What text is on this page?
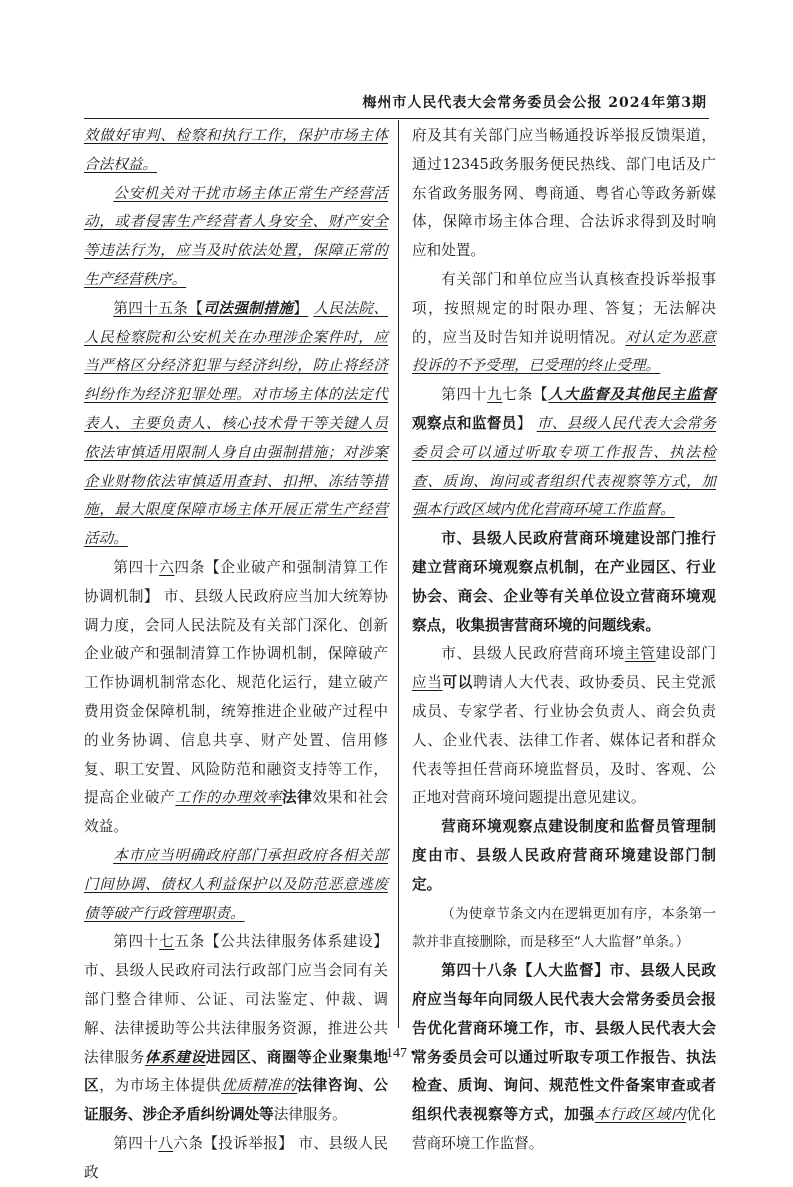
梅州市人民代表大会常务委员会公报 2024年第3期

效做好审判、检察和执行工作，保护市场主体合法权益。

公安机关对干扰市场主体正常生产经营活动，或者侵害生产经营者人身安全、财产安全等违法行为，应当及时依法处置，保障正常的生产经营秩序。

第四十五条【司法强制措施】 人民法院、人民检察院和公安机关在办理涉企案件时，应当严格区分经济犯罪与经济纠纷，防止将经济纠纷作为经济犯罪处理。对市场主体的法定代表人、主要负责人、核心技术骨干等关键人员依法审慎适用限制人身自由强制措施；对涉案企业财物依法审慎适用查封、扣押、冻结等措施，最大限度保障市场主体开展正常生产经营活动。

第四十六四条【企业破产和强制清算工作协调机制】 市、县级人民政府应当加大统筹协调力度，会同人民法院及有关部门深化、创新企业破产和强制清算工作协调机制，保障破产工作协调机制常态化、规范化运行，建立破产费用资金保障机制，统筹推进企业破产过程中的业务协调、信息共享、财产处置、信用修复、职工安置、风险防范和融资支持等工作，提高企业破产工作的办理效率法律效果和社会效益。

本市应当明确政府部门承担政府各相关部门间协调、债权人利益保护以及防范恶意逃废债等破产行政管理职责。

第四十七五条【公共法律服务体系建设】市、县级人民政府司法行政部门应当会同有关部门整合律师、公证、司法鉴定、仲裁、调解、法律援助等公共法律服务资源，推进公共法律服务体系建设进园区、商圈等企业聚集地区，为市场主体提供优质精准的法律咨询、公证服务、涉企矛盾纠纷调处等法律服务。

第四十八六条【投诉举报】 市、县级人民政

府及其有关部门应当畅通投诉举报反馈渠道，通过12345政务服务便民热线、部门电话及广东省政务服务网、粤商通、粤省心等政务新媒体，保障市场主体合理、合法诉求得到及时响应和处置。

有关部门和单位应当认真核查投诉举报事项，按照规定的时限办理、答复；无法解决的，应当及时告知并说明情况。对认定为恶意投诉的不予受理，已受理的终止受理。

第四十九七条【人大监督及其他民主监督观察点和监督员】 市、县级人民代表大会常务委员会可以通过听取专项工作报告、执法检查、质询、询问或者组织代表视察等方式，加强本行政区域内优化营商环境工作监督。

市、县级人民政府营商环境建设部门推行建立营商环境观察点机制，在产业园区、行业协会、商会、企业等有关单位设立营商环境观察点，收集损害营商环境的问题线索。

市、县级人民政府营商环境主管建设部门应当可以聘请人大代表、政协委员、民主党派成员、专家学者、行业协会负责人、商会负责人、企业代表、法律工作者、媒体记者和群众代表等担任营商环境监督员，及时、客观、公正地对营商环境问题提出意见建议。

营商环境观察点建设制度和监督员管理制度由市、县级人民政府营商环境建设部门制定。

（为使章节条文内在逻辑更加有序，本条第一款并非直接删除，而是移至“人大监督”单条。）

第四十八条【人大监督】市、县级人民政府应当每年向同级人民代表大会常务委员会报告优化营商环境工作，市、县级人民代表大会常务委员会可以通过听取专项工作报告、执法检查、质询、询问、规范性文件备案审查或者组织代表视察等方式，加强本行政区域内优化营商环境工作监督。

• 147 •
